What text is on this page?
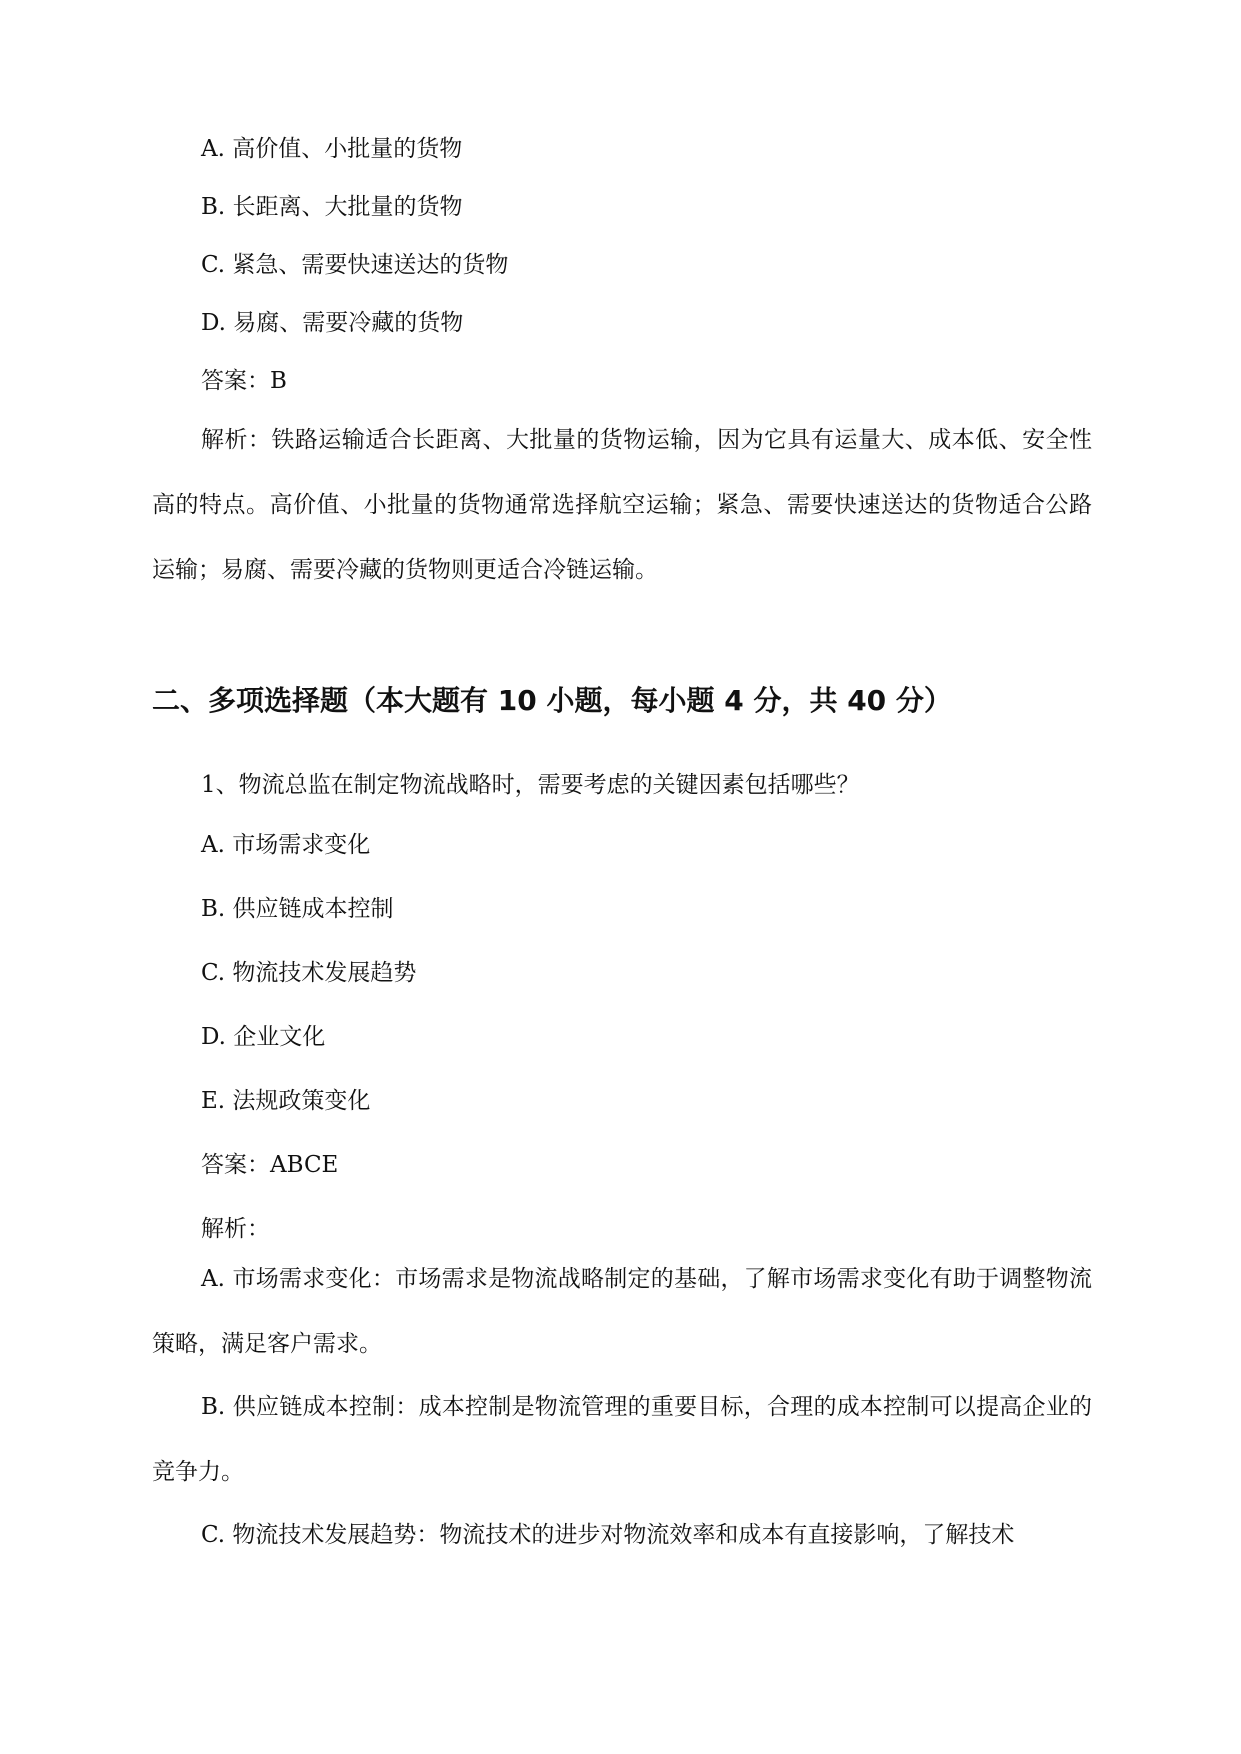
A. 高价值、小批量的货物
B. 长距离、大批量的货物
C. 紧急、需要快速送达的货物
D. 易腐、需要冷藏的货物
答案：B
解析：铁路运输适合长距离、大批量的货物运输，因为它具有运量大、成本低、安全性高的特点。高价值、小批量的货物通常选择航空运输；紧急、需要快速送达的货物适合公路运输；易腐、需要冷藏的货物则更适合冷链运输。
二、多项选择题（本大题有 10 小题，每小题 4 分，共 40 分）
1、物流总监在制定物流战略时，需要考虑的关键因素包括哪些？
A. 市场需求变化
B. 供应链成本控制
C. 物流技术发展趋势
D. 企业文化
E. 法规政策变化
答案：ABCE
解析：
A. 市场需求变化：市场需求是物流战略制定的基础，了解市场需求变化有助于调整物流策略，满足客户需求。
B. 供应链成本控制：成本控制是物流管理的重要目标，合理的成本控制可以提高企业的竞争力。
C. 物流技术发展趋势：物流技术的进步对物流效率和成本有直接影响，了解技术
